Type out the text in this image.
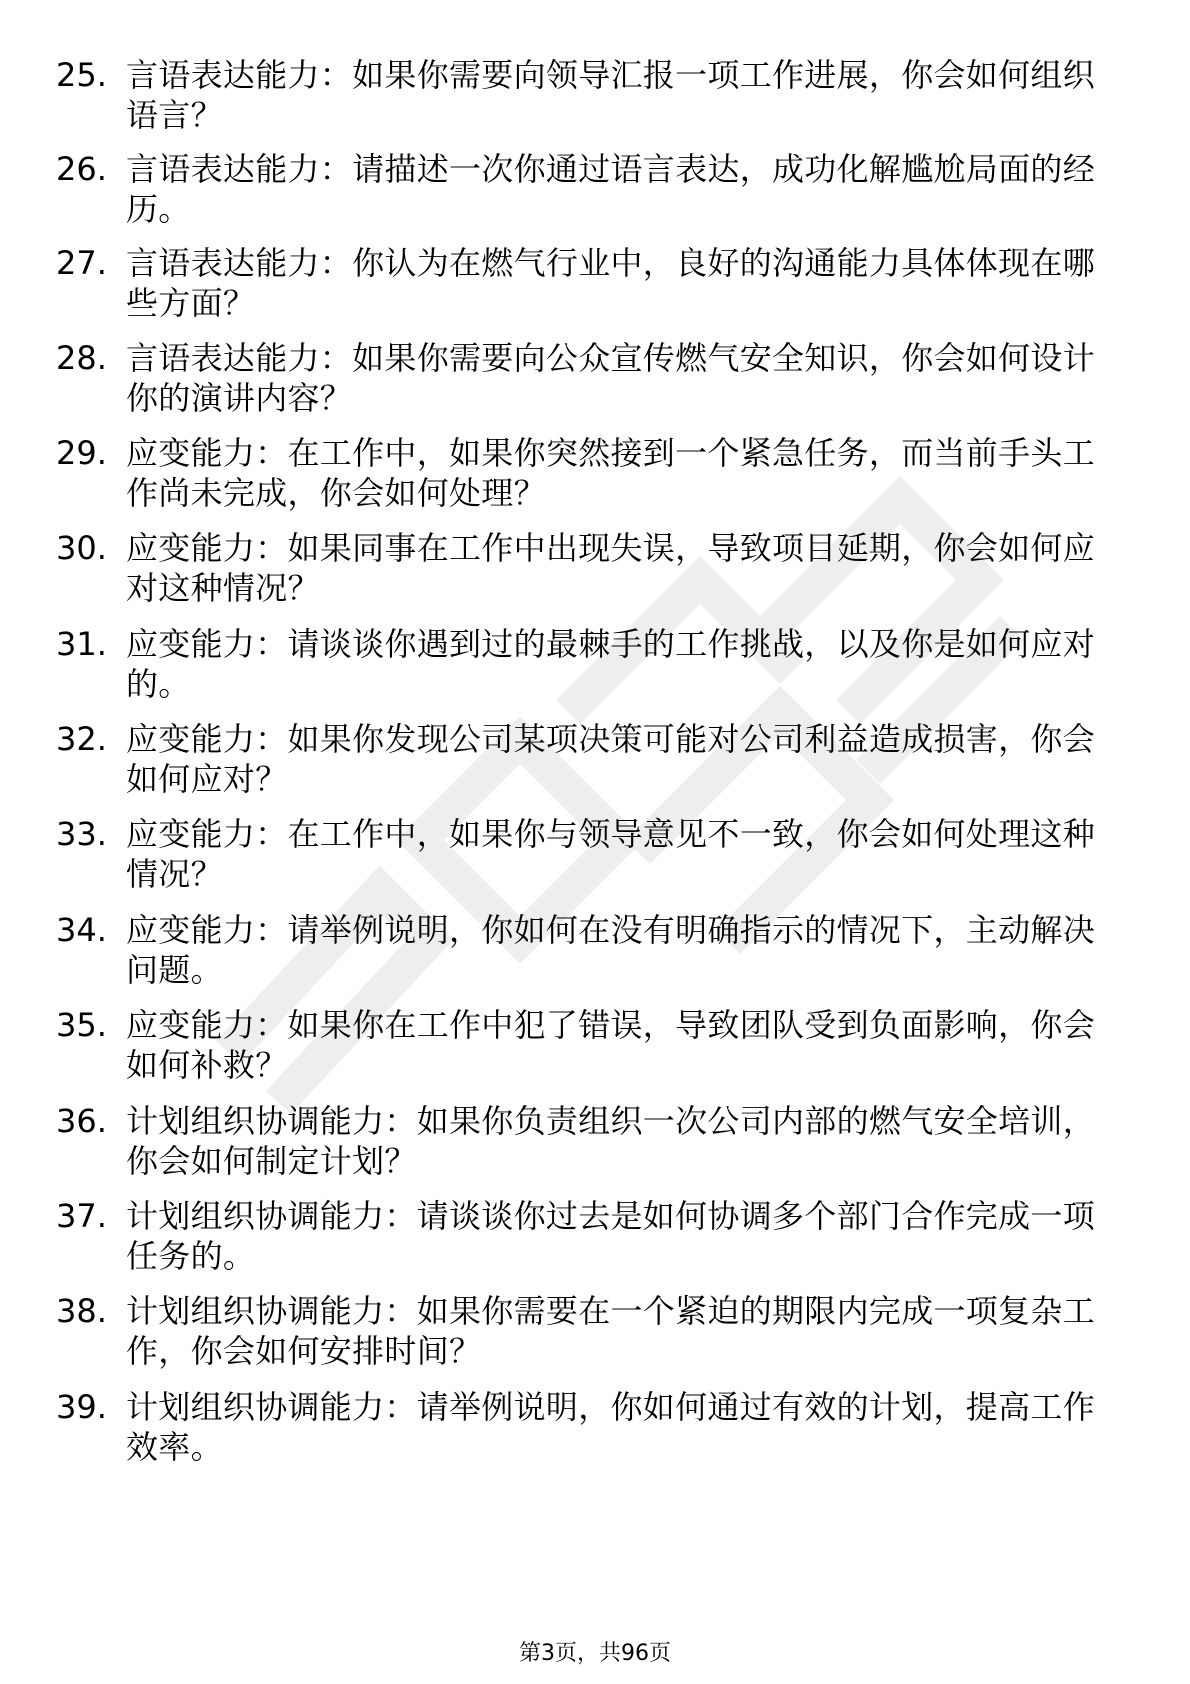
25. 言语表达能力：如果你需要向领导汇报一项工作进展，你会如何组织语言？
26. 言语表达能力：请描述一次你通过语言表达，成功化解尴尬局面的经历。
27. 言语表达能力：你认为在燃气行业中，良好的沟通能力具体体现在哪些方面？
28. 言语表达能力：如果你需要向公众宣传燃气安全知识，你会如何设计你的演讲内容？
29. 应变能力：在工作中，如果你突然接到一个紧急任务，而当前手头工作尚未完成，你会如何处理？
30. 应变能力：如果同事在工作中出现失误，导致项目延期，你会如何应对这种情况？
31. 应变能力：请谈谈你遇到过的最棘手的工作挑战，以及你是如何应对的。
32. 应变能力：如果你发现公司某项决策可能对公司利益造成损害，你会如何应对？
33. 应变能力：在工作中，如果你与领导意见不一致，你会如何处理这种情况？
34. 应变能力：请举例说明，你如何在没有明确指示的情况下，主动解决问题。
35. 应变能力：如果你在工作中犯了错误，导致团队受到负面影响，你会如何补救？
36. 计划组织协调能力：如果你负责组织一次公司内部的燃气安全培训，你会如何制定计划？
37. 计划组织协调能力：请谈谈你过去是如何协调多个部门合作完成一项任务的。
38. 计划组织协调能力：如果你需要在一个紧迫的期限内完成一项复杂工作，你会如何安排时间？
39. 计划组织协调能力：请举例说明，你如何通过有效的计划，提高工作效率。
第3页，共96页
